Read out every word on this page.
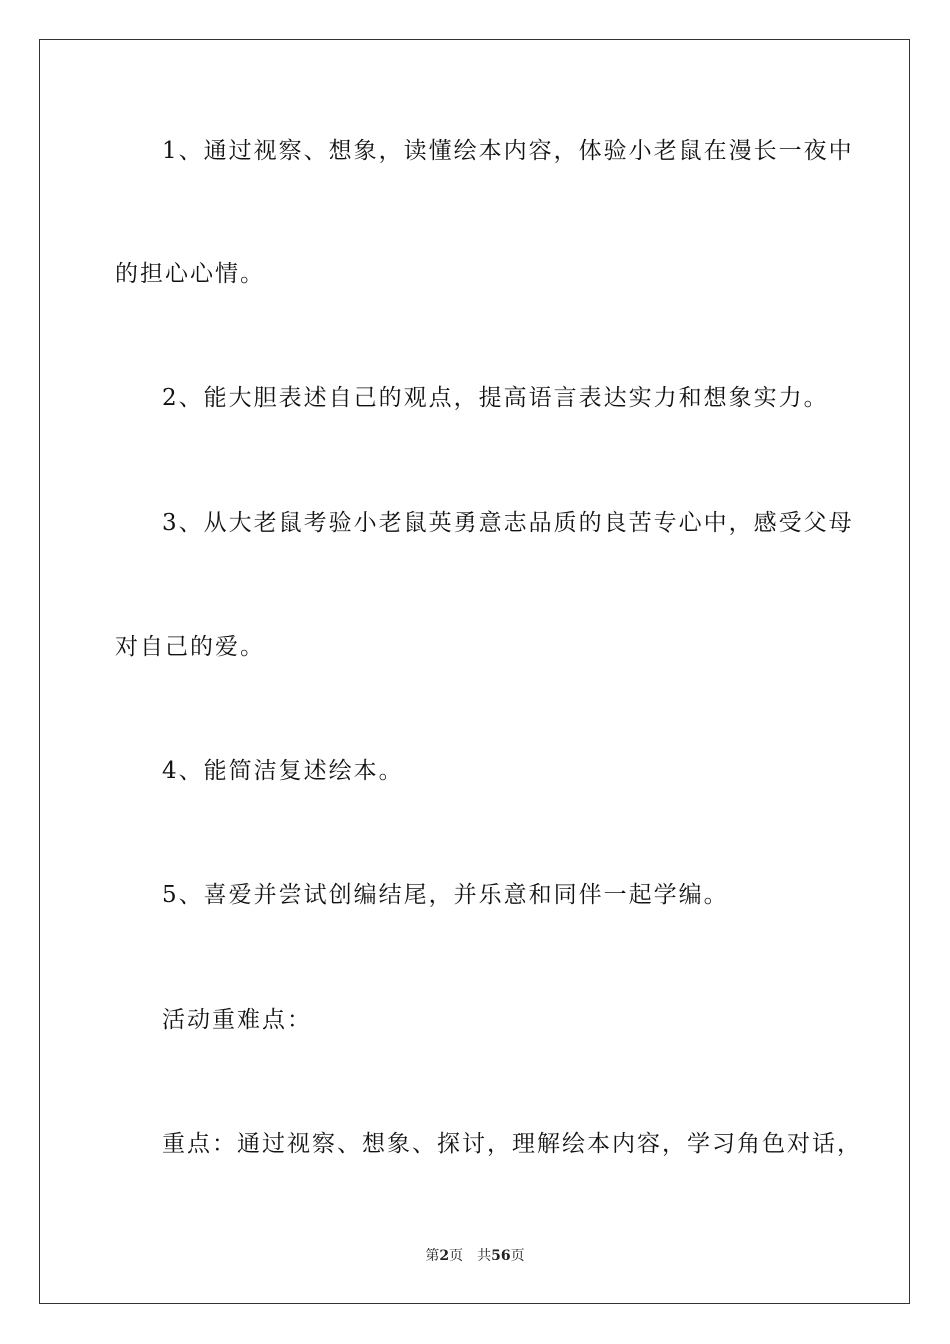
1、通过视察、想象，读懂绘本内容，体验小老鼠在漫长一夜中
的担心心情。
2、能大胆表述自己的观点，提高语言表达实力和想象实力。
3、从大老鼠考验小老鼠英勇意志品质的良苦专心中，感受父母
对自己的爱。
4、能简洁复述绘本。
5、喜爱并尝试创编结尾，并乐意和同伴一起学编。
活动重难点：
重点：通过视察、想象、探讨，理解绘本内容，学习角色对话，
第2页 共56页
